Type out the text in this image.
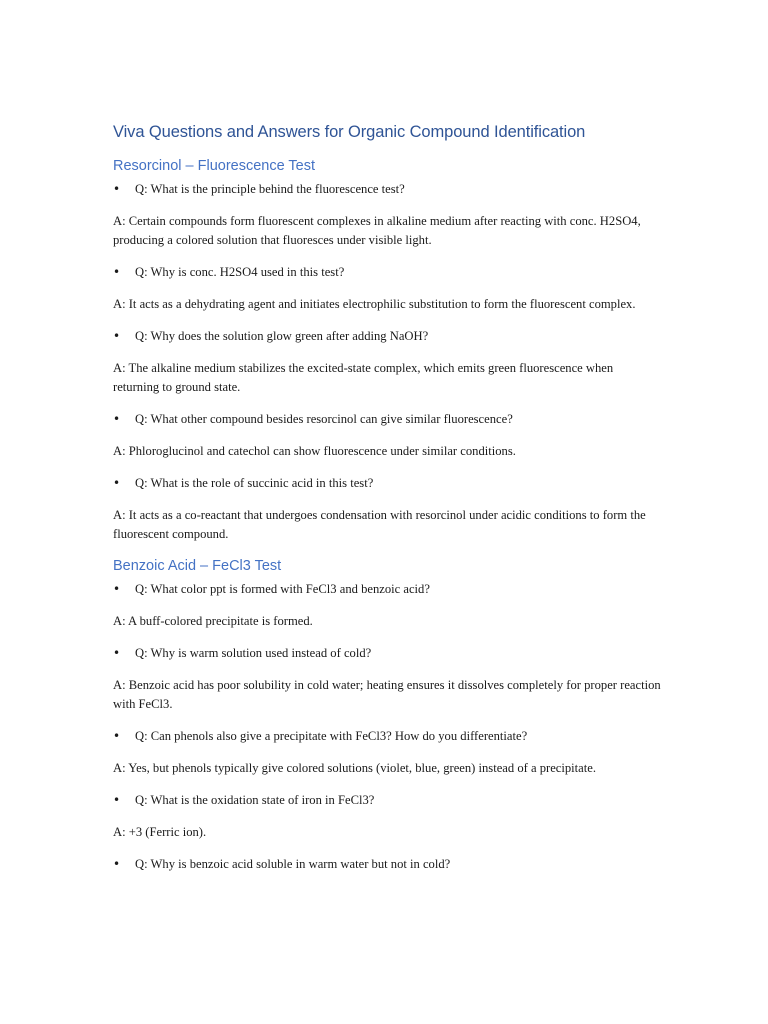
Viva Questions and Answers for Organic Compound Identification
Resorcinol – Fluorescence Test

• Q: What is the principle behind the fluorescence test?

A: Certain compounds form fluorescent complexes in alkaline medium after reacting with conc. H2SO4, producing a colored solution that fluoresces under visible light.

• Q: Why is conc. H2SO4 used in this test?

A: It acts as a dehydrating agent and initiates electrophilic substitution to form the fluorescent complex.

• Q: Why does the solution glow green after adding NaOH?

A: The alkaline medium stabilizes the excited-state complex, which emits green fluorescence when returning to ground state.

• Q: What other compound besides resorcinol can give similar fluorescence?

A: Phloroglucinol and catechol can show fluorescence under similar conditions.

• Q: What is the role of succinic acid in this test?

A: It acts as a co-reactant that undergoes condensation with resorcinol under acidic conditions to form the fluorescent compound.

Benzoic Acid – FeCl3 Test

• Q: What color ppt is formed with FeCl3 and benzoic acid?

A: A buff-colored precipitate is formed.

• Q: Why is warm solution used instead of cold?

A: Benzoic acid has poor solubility in cold water; heating ensures it dissolves completely for proper reaction with FeCl3.

• Q: Can phenols also give a precipitate with FeCl3? How do you differentiate?

A: Yes, but phenols typically give colored solutions (violet, blue, green) instead of a precipitate.

• Q: What is the oxidation state of iron in FeCl3?

A: +3 (Ferric ion).

• Q: Why is benzoic acid soluble in warm water but not in cold?
